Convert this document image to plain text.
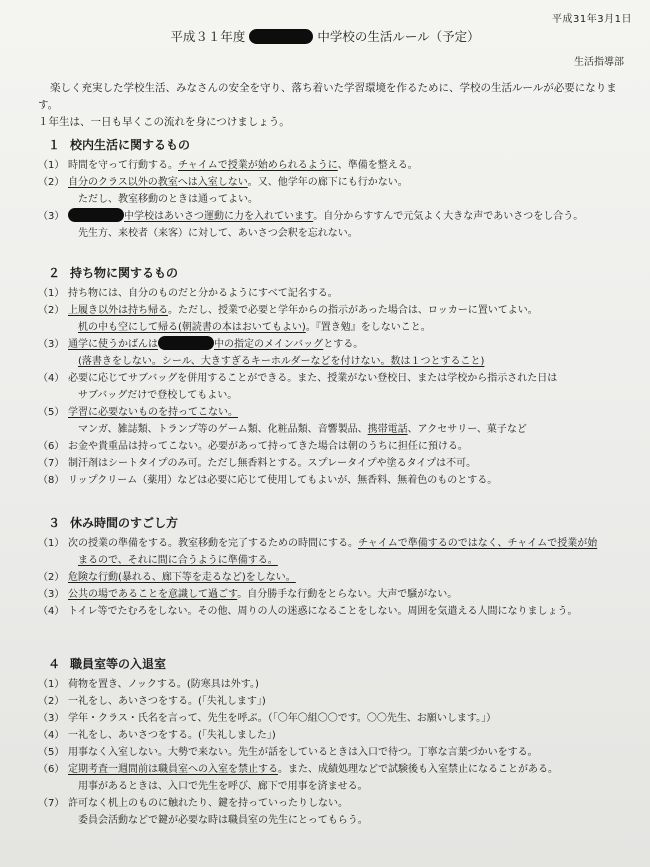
平成31年3月1日
平成３１年度	中学校の生活ルール（予定）
生活指導部

楽しく充実した学校生活、みなさんの安全を守り、落ち着いた学習環境を作るために、学校の生活ルールが必要になります。

１年生は、一日も早くこの流れを身につけましょう。

１ 校内生活に関するもの

（1） 時間を守って行動する。チャイムで授業が始められるように、準備を整える。

（2） 自分のクラス以外の教室へは入室しない。又、他学年の廊下にも行かない。

ただし、教室移動のときは通ってよい。

（3）	中学校はあいさつ運動に力を入れています。自分からすすんで元気よく大きな声であいさつをし合う。

先生方、来校者（来客）に対して、あいさつ会釈を忘れない。

２ 持ち物に関するもの

（1） 持ち物には、自分のものだと分かるようにすべて記名する。

（2） 上履き以外は持ち帰る。ただし、授業で必要と学年からの指示があった場合は、ロッカーに置いてよい。

机の中も空にして帰る(朝読書の本はおいてもよい)。『置き勉』をしないこと。

（3） 通学に使うかばんは	中の指定のメインバッグとする。

(落書きをしない。シール、大きすぎるキーホルダーなどを付けない。数は１つとすること)

（4） 必要に応じてサブバッグを併用することができる。また、授業がない登校日、または学校から指示された日は

サブバッグだけで登校してもよい。

（5） 学習に必要ないものを持ってこない。

マンガ、雑誌類、トランプ等のゲーム類、化粧品類、音響製品、携帯電話、アクセサリー、菓子など

（6） お金や貴重品は持ってこない。必要があって持ってきた場合は朝のうちに担任に預ける。

（7） 制汗剤はシートタイプのみ可。ただし無香料とする。スプレータイプや塗るタイプは不可。

（8） リップクリーム（薬用）などは必要に応じて使用してもよいが、無香料、無着色のものとする。

３ 休み時間のすごし方

（1） 次の授業の準備をする。教室移動を完了するための時間にする。チャイムで準備するのではなく、チャイムで授業が始

まるので、それに間に合うように準備する。

（2） 危険な行動(暴れる、廊下等を走るなど)をしない。

（3） 公共の場であることを意識して過ごす。自分勝手な行動をとらない。大声で騒がない。

（4） トイレ等でたむろをしない。その他、周りの人の迷惑になることをしない。周囲を気遣える人間になりましょう。

４ 職員室等の入退室

（1） 荷物を置き、ノックする。(防寒具は外す。)

（2） 一礼をし、あいさつをする。(「失礼します」)

（3） 学年・クラス・氏名を言って、先生を呼ぶ。（「〇年〇組〇〇です。〇〇先生、お願いします。」）

（4） 一礼をし、あいさつをする。(「失礼しました」)

（5） 用事なく入室しない。大勢で来ない。先生が話をしているときは入口で待つ。丁寧な言葉づかいをする。

（6） 定期考査一週間前は職員室への入室を禁止する。また、成績処理などで試験後も入室禁止になることがある。

用事があるときは、入口で先生を呼び、廊下で用事を済ませる。

（7） 許可なく机上のものに触れたり、鍵を持っていったりしない。

委員会活動などで鍵が必要な時は職員室の先生にとってもらう。
